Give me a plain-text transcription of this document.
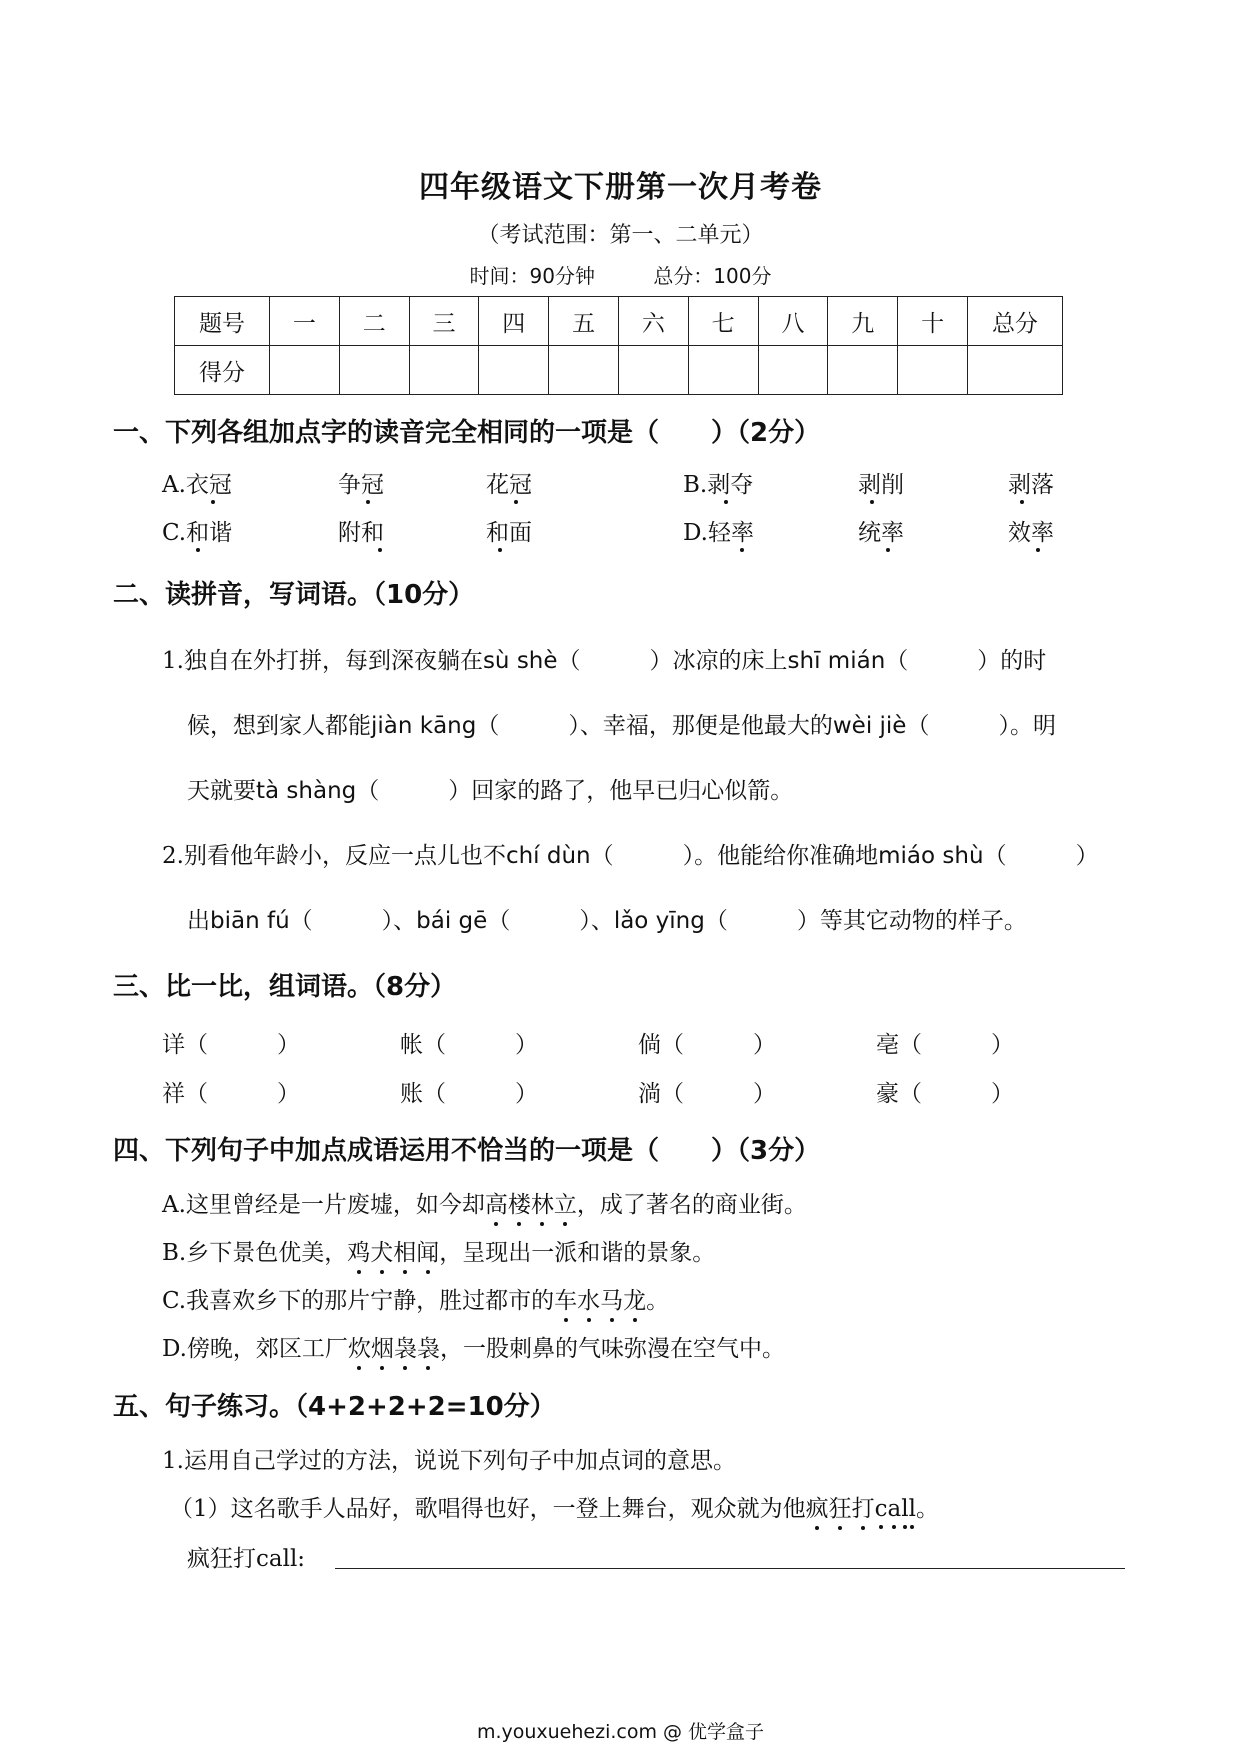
四年级语文下册第一次月考卷
（考试范围：第一、二单元）
时间：90分钟	总分：100分
题号	一	二	三	四	五	六	七	八	九	十	总分
得分											
一、下列各组加点字的读音完全相同的一项是（　　）（2分）
A.衣冠	争冠	花冠	B.剥夺	剥削	剥落
C.和谐	附和	和面	D.轻率	统率	效率
二、读拼音，写词语。（10分）
1.独自在外打拼，每到深夜躺在sù shè（　　　）冰凉的床上shī mián（　　　）的时
候，想到家人都能jiàn kāng（　　　）、幸福，那便是他最大的wèi jiè（　　　）。明
天就要tà shàng（　　　）回家的路了，他早已归心似箭。
2.别看他年龄小，反应一点儿也不chí dùn（　　　）。他能给你准确地miáo shù（　　　）
出biān fú（　　　）、bái gē（　　　）、lǎo yīng（　　　）等其它动物的样子。
三、比一比，组词语。（8分）
详（　　　）	帐（　　　）	倘（　　　）	亳（　　　）
祥（　　　）	账（　　　）	淌（　　　）	豪（　　　）
四、下列句子中加点成语运用不恰当的一项是（　　）（3分）
A.这里曾经是一片废墟，如今却高楼林立，成了著名的商业街。
B.乡下景色优美，鸡犬相闻，呈现出一派和谐的景象。
C.我喜欢乡下的那片宁静，胜过都市的车水马龙。
D.傍晚，郊区工厂炊烟袅袅，一股刺鼻的气味弥漫在空气中。
五、句子练习。（4+2+2+2=10分）
1.运用自己学过的方法，说说下列句子中加点词的意思。
（1）这名歌手人品好，歌唱得也好，一登上舞台，观众就为他疯狂打call。
疯狂打call:
m.youxuehezi.com @ 优学盒子
